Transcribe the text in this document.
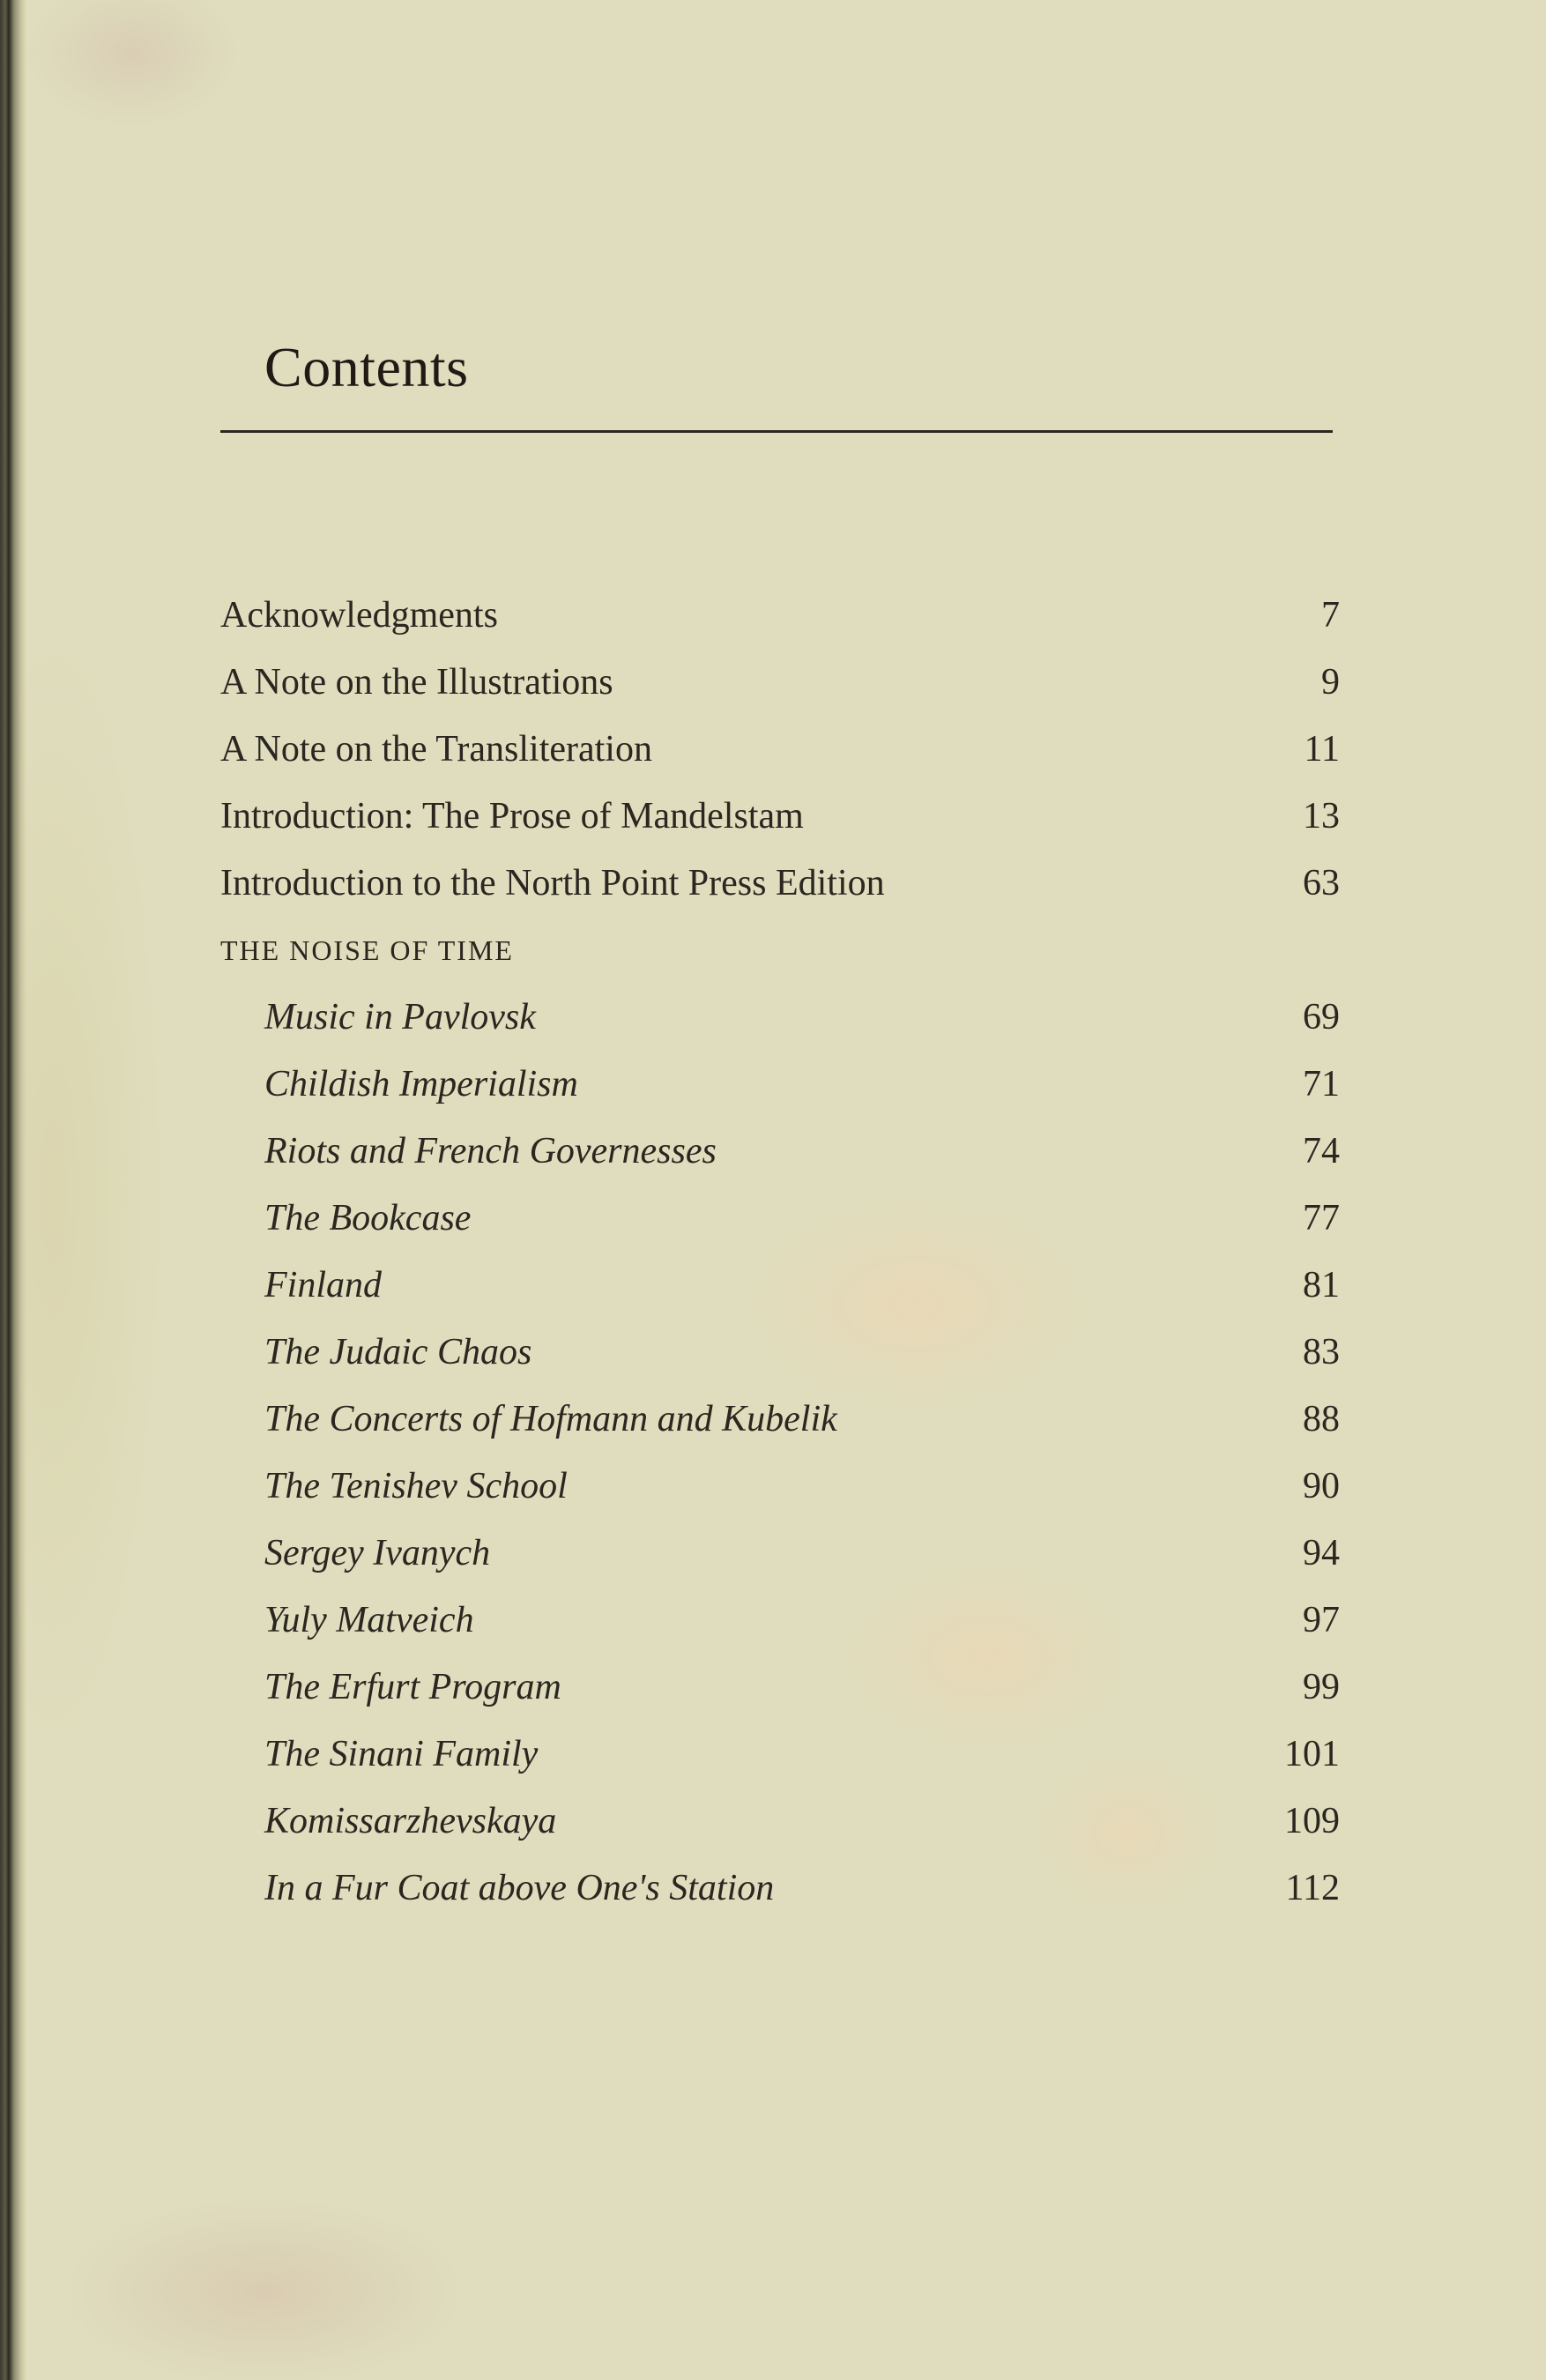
Contents
Acknowledgments	7
A Note on the Illustrations	9
A Note on the Transliteration	11
Introduction: The Prose of Mandelstam	13
Introduction to the North Point Press Edition	63
THE NOISE OF TIME
Music in Pavlovsk	69
Childish Imperialism	71
Riots and French Governesses	74
The Bookcase	77
Finland	81
The Judaic Chaos	83
The Concerts of Hofmann and Kubelik	88
The Tenishev School	90
Sergey Ivanych	94
Yuly Matveich	97
The Erfurt Program	99
The Sinani Family	101
Komissarzhevskaya	109
In a Fur Coat above One's Station	112
